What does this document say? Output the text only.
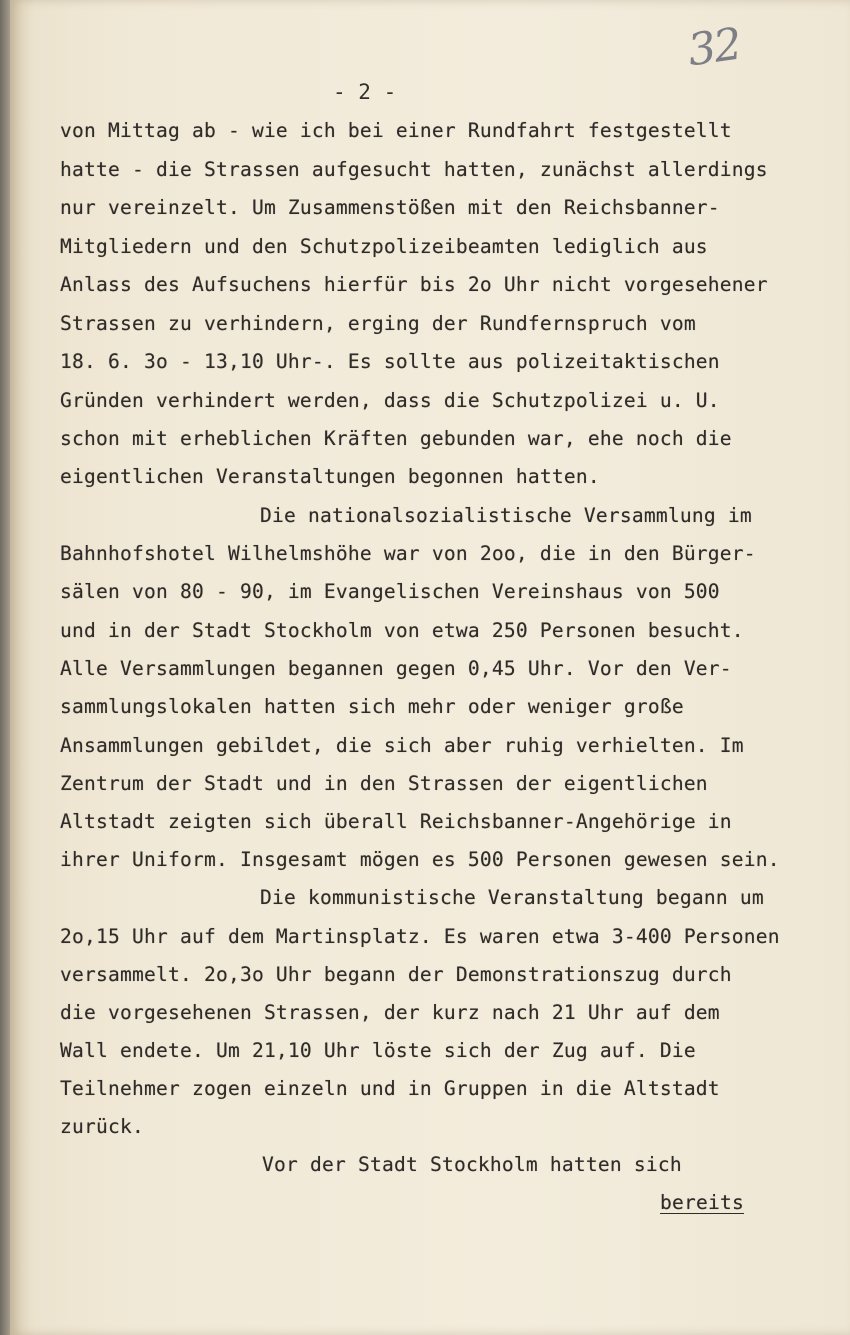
32
- 2 -
von Mittag ab - wie ich bei einer Rundfahrt festgestellt
hatte - die Strassen aufgesucht hatten, zunächst allerdings
nur vereinzelt. Um Zusammenstößen mit den Reichsbanner-
Mitgliedern und den Schutzpolizeibeamten lediglich aus
Anlass des Aufsuchens hierfür bis 2o Uhr nicht vorgesehener
Strassen zu verhindern, erging der Rundfernspruch vom
18. 6. 3o - 13,10 Uhr-. Es sollte aus polizeitaktischen
Gründen verhindert werden, dass die Schutzpolizei u. U.
schon mit erheblichen Kräften gebunden war, ehe noch die
eigentlichen Veranstaltungen begonnen hatten.
Die nationalsozialistische Versammlung im
Bahnhofshotel Wilhelmshöhe war von 2oo, die in den Bürger-
sälen von 80 - 90, im Evangelischen Vereinshaus von 500
und in der Stadt Stockholm von etwa 250 Personen besucht.
Alle Versammlungen begannen gegen 0,45 Uhr. Vor den Ver-
sammlungslokalen hatten sich mehr oder weniger große
Ansammlungen gebildet, die sich aber ruhig verhielten. Im
Zentrum der Stadt und in den Strassen der eigentlichen
Altstadt zeigten sich überall Reichsbanner-Angehörige in
ihrer Uniform. Insgesamt mögen es 500 Personen gewesen sein.
Die kommunistische Veranstaltung begann um
2o,15 Uhr auf dem Martinsplatz. Es waren etwa 3-400 Personen
versammelt. 2o,3o Uhr begann der Demonstrationszug durch
die vorgesehenen Strassen, der kurz nach 21 Uhr auf dem
Wall endete. Um 21,10 Uhr löste sich der Zug auf. Die
Teilnehmer zogen einzeln und in Gruppen in die Altstadt
zurück.
Vor der Stadt Stockholm hatten sich
bereits
